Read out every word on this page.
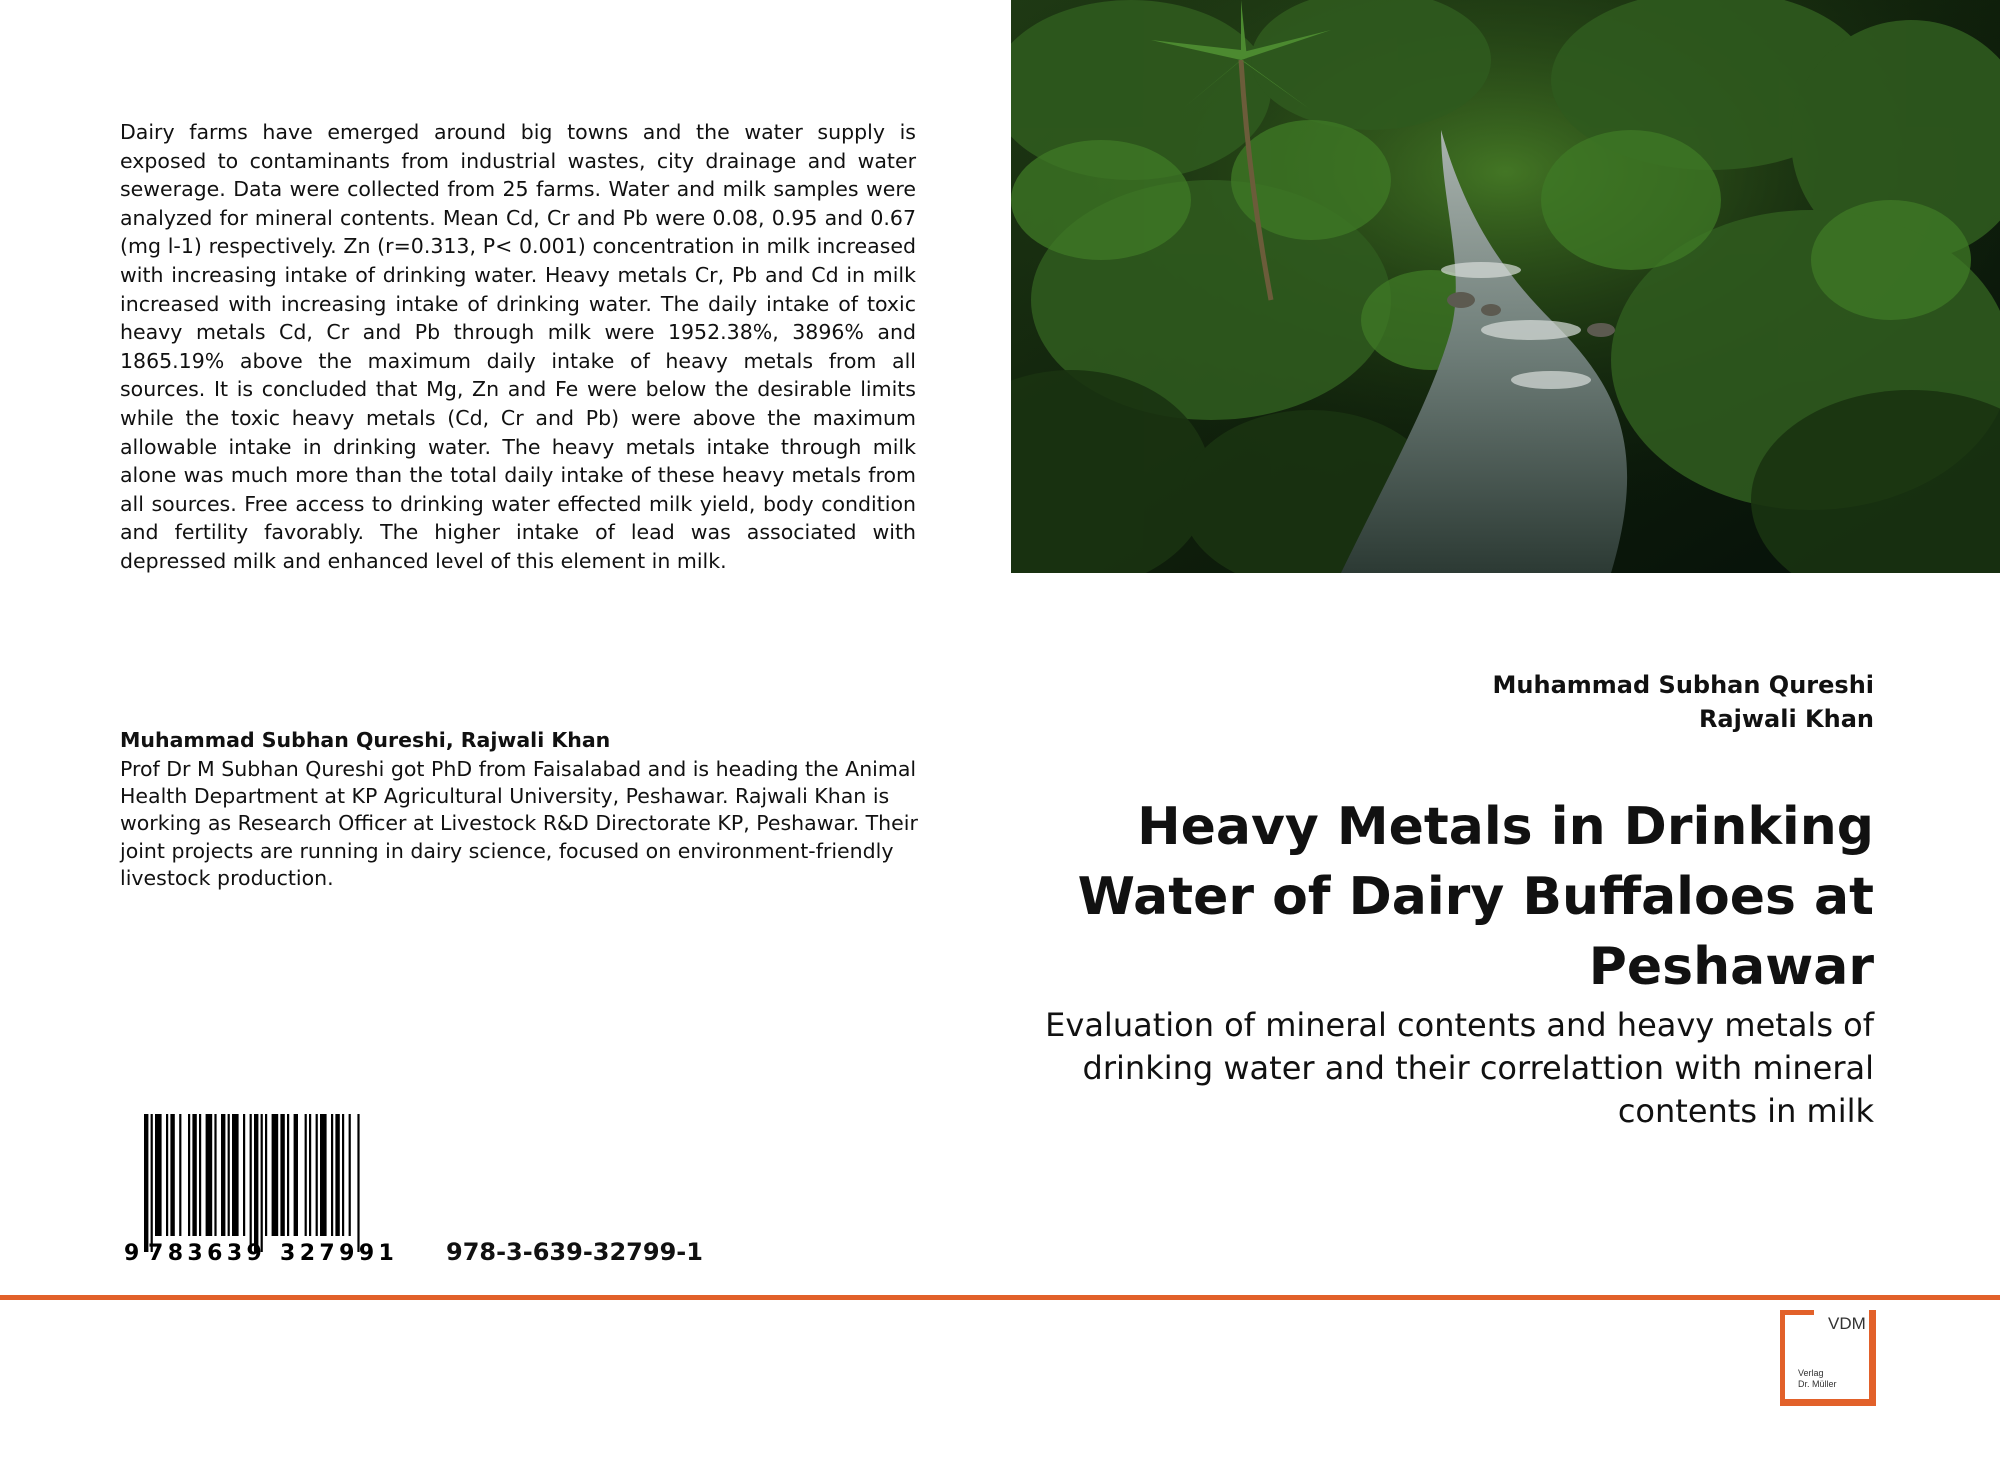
Dairy farms have emerged around big towns and the water supply is exposed to contaminants from industrial wastes, city drainage and water sewerage. Data were collected from 25 farms. Water and milk samples were analyzed for mineral contents. Mean Cd, Cr and Pb were 0.08, 0.95 and 0.67 (mg l-1) respectively. Zn (r=0.313, P< 0.001) concentration in milk increased with increasing intake of drinking water. Heavy metals Cr, Pb and Cd in milk increased with increasing intake of drinking water. The daily intake of toxic heavy metals Cd, Cr and Pb through milk were 1952.38%, 3896% and 1865.19% above the maximum daily intake of heavy metals from all sources. It is concluded that Mg, Zn and Fe were below the desirable limits while the toxic heavy metals (Cd, Cr and Pb) were above the maximum allowable intake in drinking water. The heavy metals intake through milk alone was much more than the total daily intake of these heavy metals from all sources. Free access to drinking water effected milk yield, body condition and fertility favorably. The higher intake of lead was associated with depressed milk and enhanced level of this element in milk.

Muhammad Subhan Qureshi, Rajwali Khan

Prof Dr M Subhan Qureshi got PhD from Faisalabad and is heading the Animal Health Department at KP Agricultural University, Peshawar. Rajwali Khan is working as Research Officer at Livestock R&D Directorate KP, Peshawar. Their joint projects are running in dairy science, focused on environment-friendly livestock production.

9 783639 327991 978-3-639-32799-1
Muhammad Subhan Qureshi
Rajwali Khan
Heavy Metals in Drinking Water of Dairy Buffaloes at Peshawar

Evaluation of mineral contents and heavy metals of drinking water and their correlattion with mineral contents in milk

VDM
Verlag
Dr. Müller
